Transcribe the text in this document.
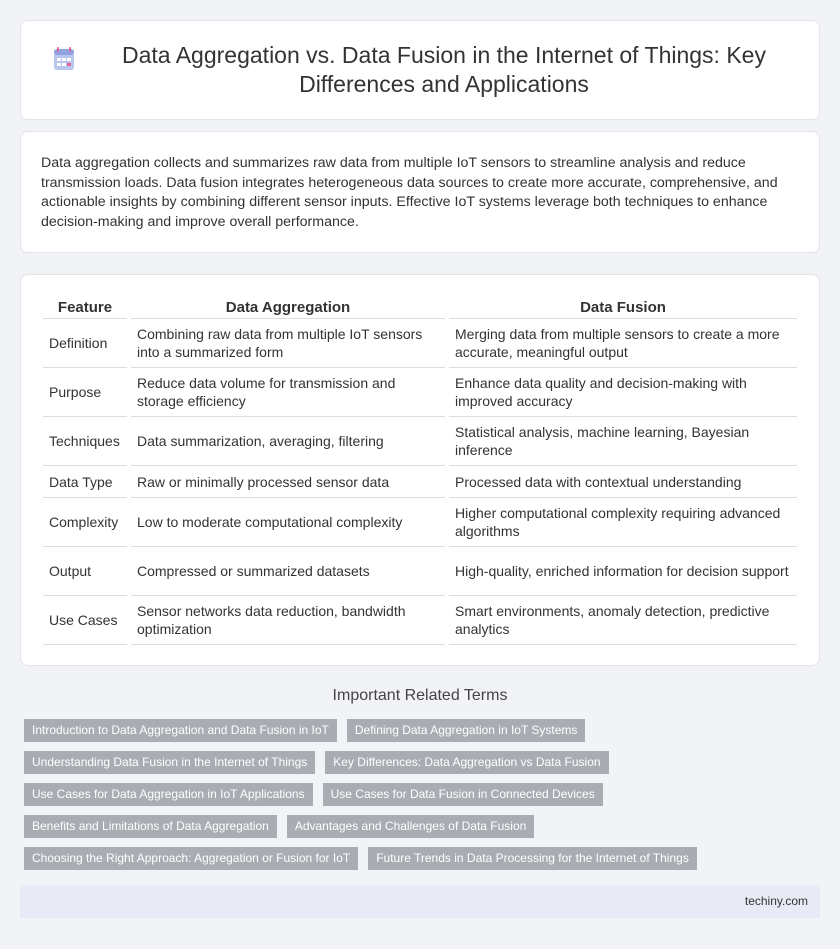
Data Aggregation vs. Data Fusion in the Internet of Things: Key Differences and Applications

Data aggregation collects and summarizes raw data from multiple IoT sensors to streamline analysis and reduce transmission loads. Data fusion integrates heterogeneous data sources to create more accurate, comprehensive, and actionable insights by combining different sensor inputs. Effective IoT systems leverage both techniques to enhance decision-making and improve overall performance.

Feature	Data Aggregation	Data Fusion
Definition	Combining raw data from multiple IoT sensors into a summarized form	Merging data from multiple sensors to create a more accurate, meaningful output
Purpose	Reduce data volume for transmission and storage efficiency	Enhance data quality and decision-making with improved accuracy
Techniques	Data summarization, averaging, filtering	Statistical analysis, machine learning, Bayesian inference
Data Type	Raw or minimally processed sensor data	Processed data with contextual understanding
Complexity	Low to moderate computational complexity	Higher computational complexity requiring advanced algorithms
Output	Compressed or summarized datasets	High-quality, enriched information for decision support
Use Cases	Sensor networks data reduction, bandwidth optimization	Smart environments, anomaly detection, predictive analytics
Important Related Terms
Introduction to Data Aggregation and Data Fusion in IoT	Defining Data Aggregation in IoT Systems
Understanding Data Fusion in the Internet of Things	Key Differences: Data Aggregation vs Data Fusion
Use Cases for Data Aggregation in IoT Applications	Use Cases for Data Fusion in Connected Devices
Benefits and Limitations of Data Aggregation	Advantages and Challenges of Data Fusion
Choosing the Right Approach: Aggregation or Fusion for IoT	Future Trends in Data Processing for the Internet of Things
techiny.com
